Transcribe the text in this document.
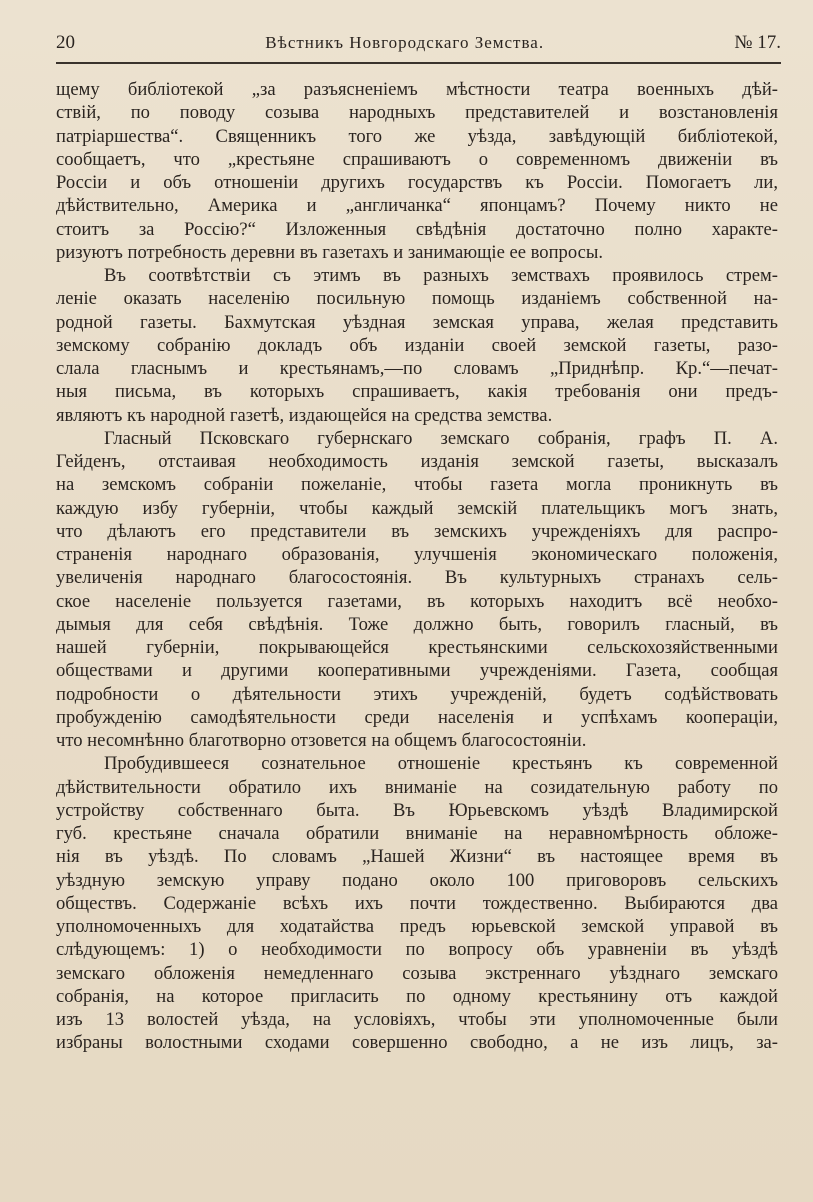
20	Вѣстникъ Новгородскаго Земства.	№ 17.
щему библіотекой „за разъясненіемъ мѣстности театра военныхъ дѣй-
ствій, по поводу созыва народныхъ представителей и возстановленія
патріаршества“. Священникъ того же уѣзда, завѣдующій библіотекой,
сообщаетъ, что „крестьяне спрашиваютъ о современномъ движеніи въ
Россіи и объ отношеніи другихъ государствъ къ Россіи. Помогаетъ ли,
дѣйствительно, Америка и „англичанка“ японцамъ? Почему никто не
стоитъ за Россію?“ Изложенныя свѣдѣнія достаточно полно характе-
ризуютъ потребность деревни въ газетахъ и занимающіе ее вопросы.
Въ соотвѣтствіи съ этимъ въ разныхъ земствахъ проявилось стрем-
леніе оказать населенію посильную помощь изданіемъ собственной на-
родной газеты. Бахмутская уѣздная земская управа, желая представить
земскому собранію докладъ объ изданіи своей земской газеты, разо-
слала гласнымъ и крестьянамъ,—по словамъ „Приднѣпр. Кр.“—печат-
ныя письма, въ которыхъ спрашиваетъ, какія требованія они предъ-
являютъ къ народной газетѣ, издающейся на средства земства.
Гласный Псковскаго губернскаго земскаго собранія, графъ П. А.
Гейденъ, отстаивая необходимость изданія земской газеты, высказалъ
на земскомъ собраніи пожеланіе, чтобы газета могла проникнуть въ
каждую избу губерніи, чтобы каждый земскій плательщикъ могъ знать,
что дѣлаютъ его представители въ земскихъ учрежденіяхъ для распро-
страненія народнаго образованія, улучшенія экономическаго положенія,
увеличенія народнаго благосостоянія. Въ культурныхъ странахъ сель-
ское населеніе пользуется газетами, въ которыхъ находитъ всё необхо-
дымыя для себя свѣдѣнія. Тоже должно быть, говорилъ гласный, въ
нашей губерніи, покрывающейся крестьянскими сельскохозяйственными
обществами и другими кооперативными учрежденіями. Газета, сообщая
подробности о дѣятельности этихъ учрежденій, будетъ содѣйствовать
пробужденію самодѣятельности среди населенія и успѣхамъ коопераціи,
что несомнѣнно благотворно отзовется на общемъ благосостояніи.
Пробудившееся сознательное отношеніе крестьянъ къ современной
дѣйствительности обратило ихъ вниманіе на созидательную работу по
устройству собственнаго быта. Въ Юрьевскомъ уѣздѣ Владимирской
губ. крестьяне сначала обратили вниманіе на неравномѣрность обложе-
нія въ уѣздѣ. По словамъ „Нашей Жизни“ въ настоящее время въ
уѣздную земскую управу подано около 100 приговоровъ сельскихъ
обществъ. Содержаніе всѣхъ ихъ почти тождественно. Выбираются два
уполномоченныхъ для ходатайства предъ юрьевской земской управой въ
слѣдующемъ: 1) о необходимости по вопросу объ уравненіи въ уѣздѣ
земскаго обложенія немедленнаго созыва экстреннаго уѣзднаго земскаго
собранія, на которое пригласить по одному крестьянину отъ каждой
изъ 13 волостей уѣзда, на условіяхъ, чтобы эти уполномоченные были
избраны волостными сходами совершенно свободно, а не изъ лицъ, за-
